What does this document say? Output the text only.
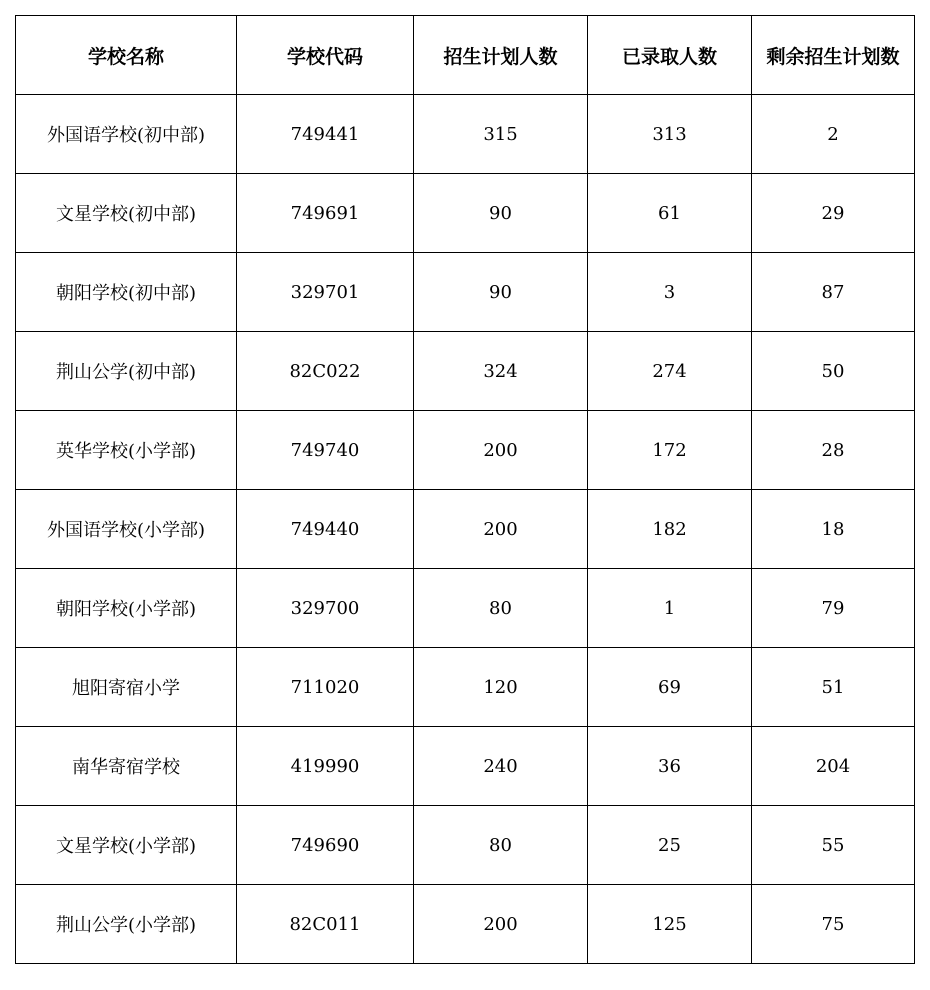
学校名称	学校代码	招生计划人数	已录取人数	剩余招生计划数
外国语学校(初中部)	749441	315	313	2
文星学校(初中部)	749691	90	61	29
朝阳学校(初中部)	329701	90	3	87
荆山公学(初中部)	82C022	324	274	50
英华学校(小学部)	749740	200	172	28
外国语学校(小学部)	749440	200	182	18
朝阳学校(小学部)	329700	80	1	79
旭阳寄宿小学	711020	120	69	51
南华寄宿学校	419990	240	36	204
文星学校(小学部)	749690	80	25	55
荆山公学(小学部)	82C011	200	125	75
